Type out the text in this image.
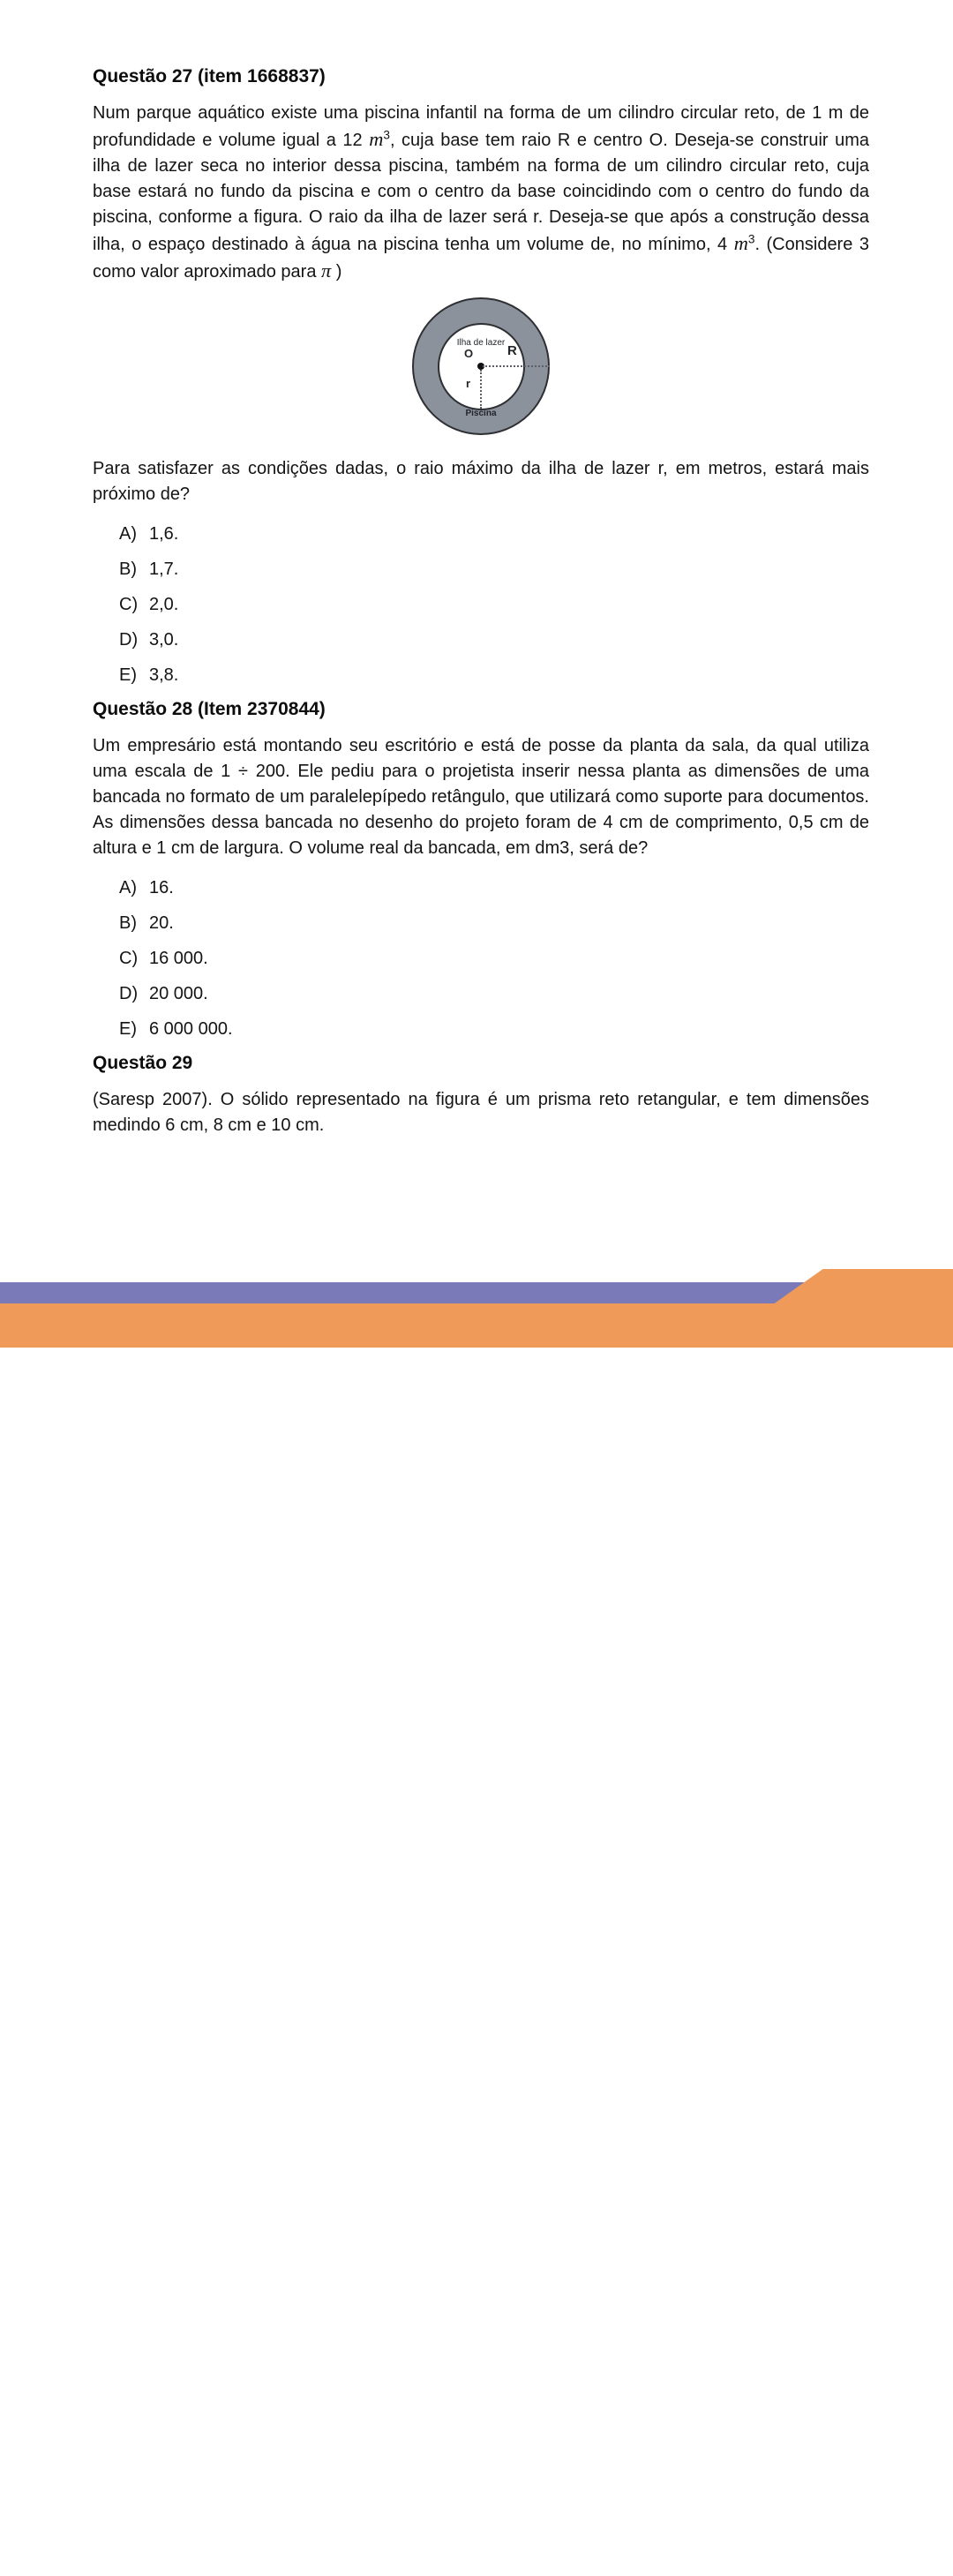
Questão 27 (item 1668837)

Num parque aquático existe uma piscina infantil na forma de um cilindro circular reto, de 1 m de profundidade e volume igual a 12 $m^3$, cuja base tem raio R e centro O. Deseja-se construir uma ilha de lazer seca no interior dessa piscina, também na forma de um cilindro circular reto, cuja base estará no fundo da piscina e com o centro da base coincidindo com o centro do fundo da piscina, conforme a figura. O raio da ilha de lazer será r. Deseja-se que após a construção dessa ilha, o espaço destinado à água na piscina tenha um volume de, no mínimo, 4 $m^3$. (Considere 3 como valor aproximado para π )

Ilha de lazer
O	R
r
Piscina

Para satisfazer as condições dadas, o raio máximo da ilha de lazer r, em metros, estará mais próximo de?

A) 1,6.
B) 1,7.
C) 2,0.
D) 3,0.
E) 3,8.
Questão 28 (Item 2370844)

Um empresário está montando seu escritório e está de posse da planta da sala, da qual utiliza uma escala de 1 ÷ 200. Ele pediu para o projetista inserir nessa planta as dimensões de uma bancada no formato de um paralelepípedo retângulo, que utilizará como suporte para documentos. As dimensões dessa bancada no desenho do projeto foram de 4 cm de comprimento, 0,5 cm de altura e 1 cm de largura. O volume real da bancada, em dm3, será de?

A) 16.
B) 20.
C) 16 000.
D) 20 000.
E) 6 000 000.
Questão 29

(Saresp 2007). O sólido representado na figura é um prisma reto retangular, e tem dimensões medindo 6 cm, 8 cm e 10 cm.

90
